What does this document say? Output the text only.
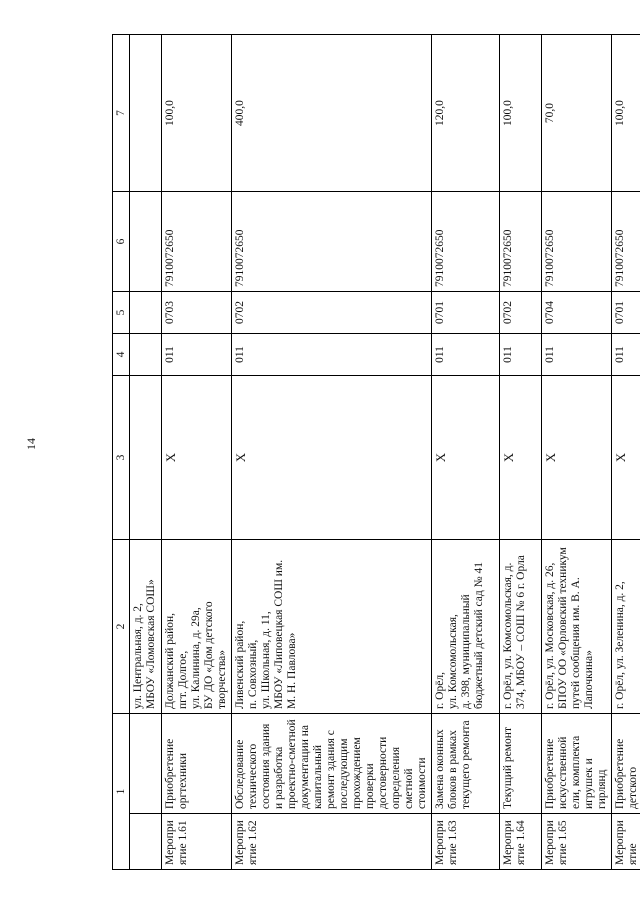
14
1		2	3	4	5	6	7
		ул. Центральная, д. 2,
МБОУ «Ломовская СОШ»					
Мероприятие 1.61	Приобретение оргтехники	Должанский район,
пгт. Долгое,
ул. Калинина, д. 29а,
БУ ДО «Дом детского творчества»	X	011	0703	7910072650	100,0
Мероприятие 1.62	Обследование технического состояния здания и разработка проектно-сметной документации на капитальный ремонт здания с последующим прохождением проверки достоверности определения сметной стоимости	Ливенский район,
п. Совхозный,
ул. Школьная, д. 11,
МБОУ «Липовецкая СОШ им. М. Н. Павлова»	X	011	0702	7910072650	400,0
Мероприятие 1.63	Замена оконных блоков в рамках текущего ремонта	г. Орёл,
ул. Комсомольская,
д. 398, муниципальный бюджетный детский сад № 41	X	011	0701	7910072650	120,0
Мероприятие 1.64	Текущий ремонт	г. Орёл, ул. Комсомольская, д. 374, МБОУ – СОШ № 6 г. Орла	X	011	0702	7910072650	100,0
Мероприятие 1.65	Приобретение искусственной ели, комплекта игрушек и гирлянд	г. Орёл, ул. Московская, д. 26, БПОУ ОО «Орловский техникум путей сообщения им. В. А. Лапочкина»	X	011	0704	7910072650	70,0
Мероприятие	Приобретение детского	г. Орёл, ул. Зеленина, д. 2,	X	011	0701	7910072650	100,0
